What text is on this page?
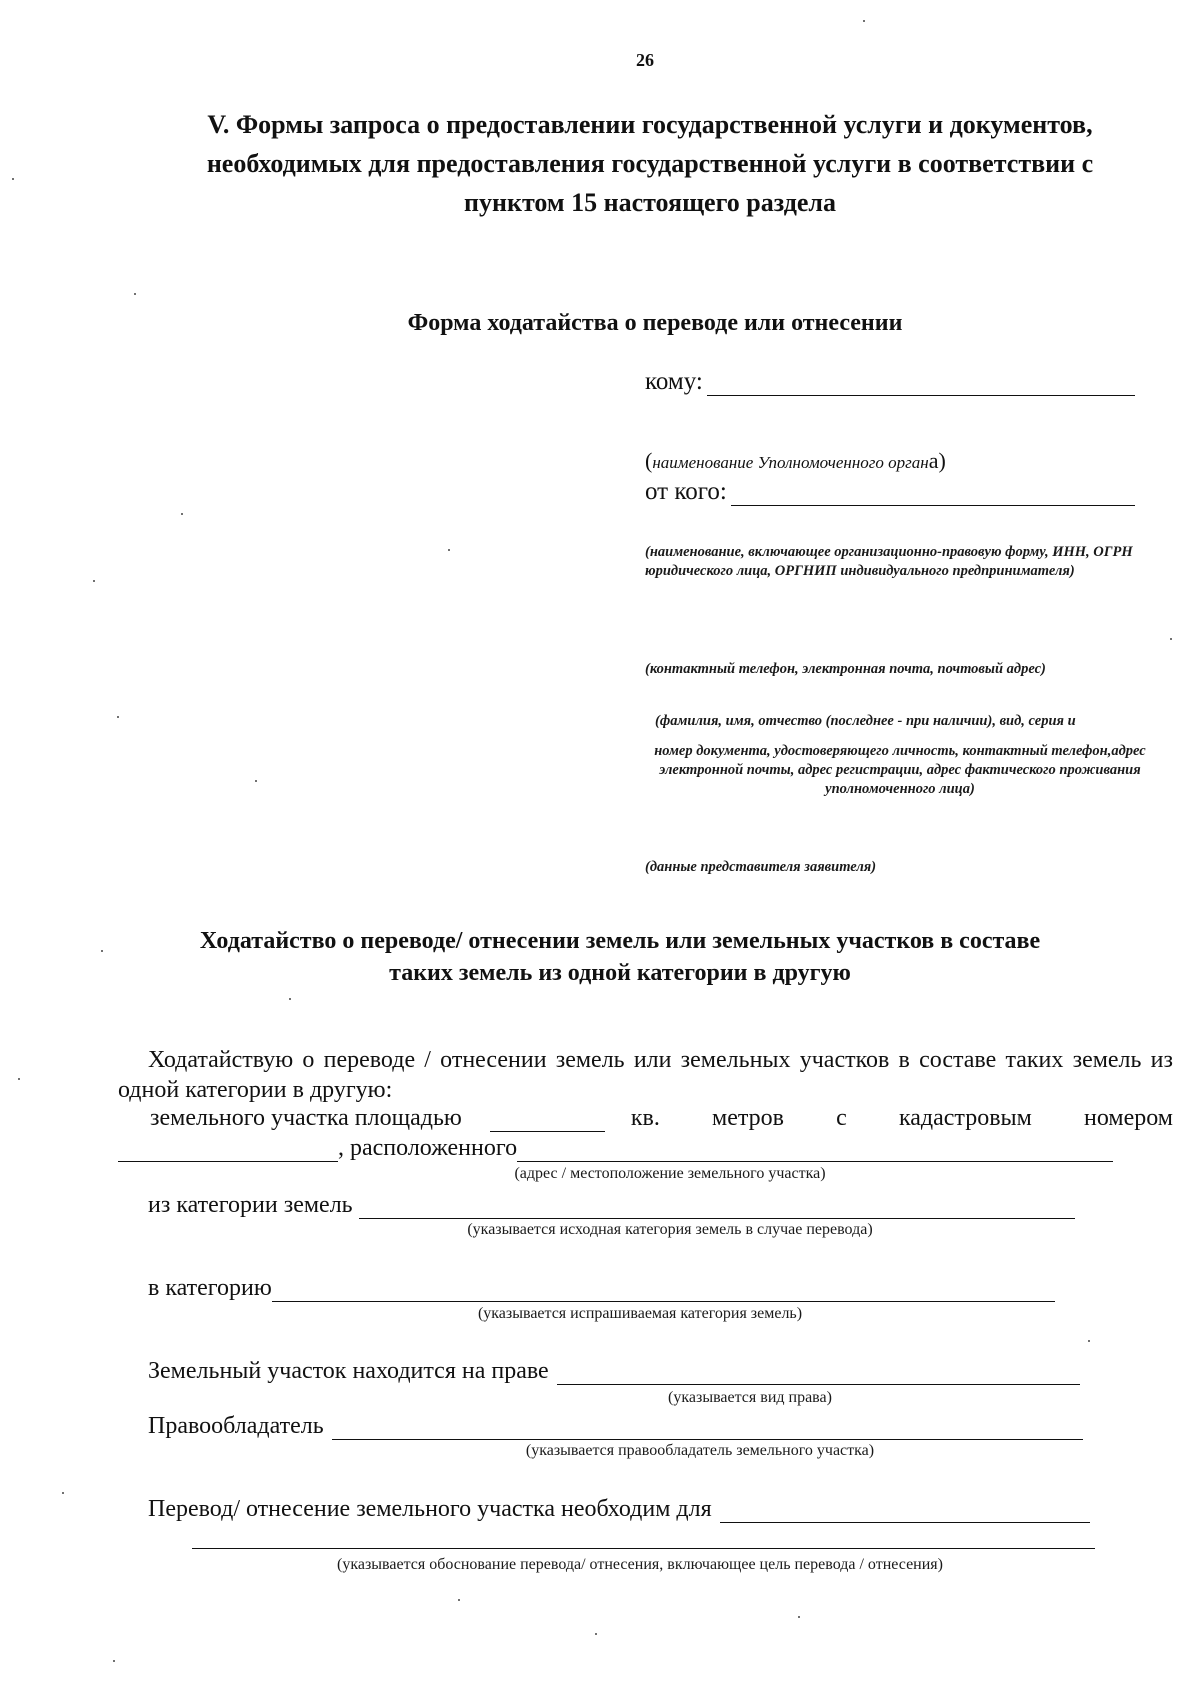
26
V. Формы запроса о предоставлении государственной услуги и документов,
необходимых для предоставления государственной услуги в соответствии с
пунктом 15 настоящего раздела
Форма ходатайства о переводе или отнесении
кому:
(наименование Уполномоченного органа)
от кого:
(наименование, включающее организационно-правовую форму, ИНН, ОГРН юридического лица, ОРГНИП индивидуального предпринимателя)
(контактный телефон, электронная почта, почтовый адрес)
(фамилия, имя, отчество (последнее - при наличии), вид, серия и
номер документа, удостоверяющего личность, контактный телефон,адрес электронной почты, адрес регистрации, адрес фактического проживания уполномоченного лица)
(данные представителя заявителя)
Ходатайство о переводе/ отнесении земель или земельных участков в составе
таких земель из одной категории в другую
Ходатайствую о переводе / отнесении земель или земельных участков в составе таких земель из одной категории в другую:
земельного участка площадью	кв. метров с кадастровым номером
, расположенного
(адрес / местоположение земельного участка)
из категории земель
(указывается исходная категория земель в случае перевода)
в категорию
(указывается испрашиваемая категория земель)
Земельный участок находится на праве
(указывается вид права)
Правообладатель
(указывается правообладатель земельного участка)
Перевод/ отнесение земельного участка необходим для
(указывается обоснование перевода/ отнесения, включающее цель перевода / отнесения)
